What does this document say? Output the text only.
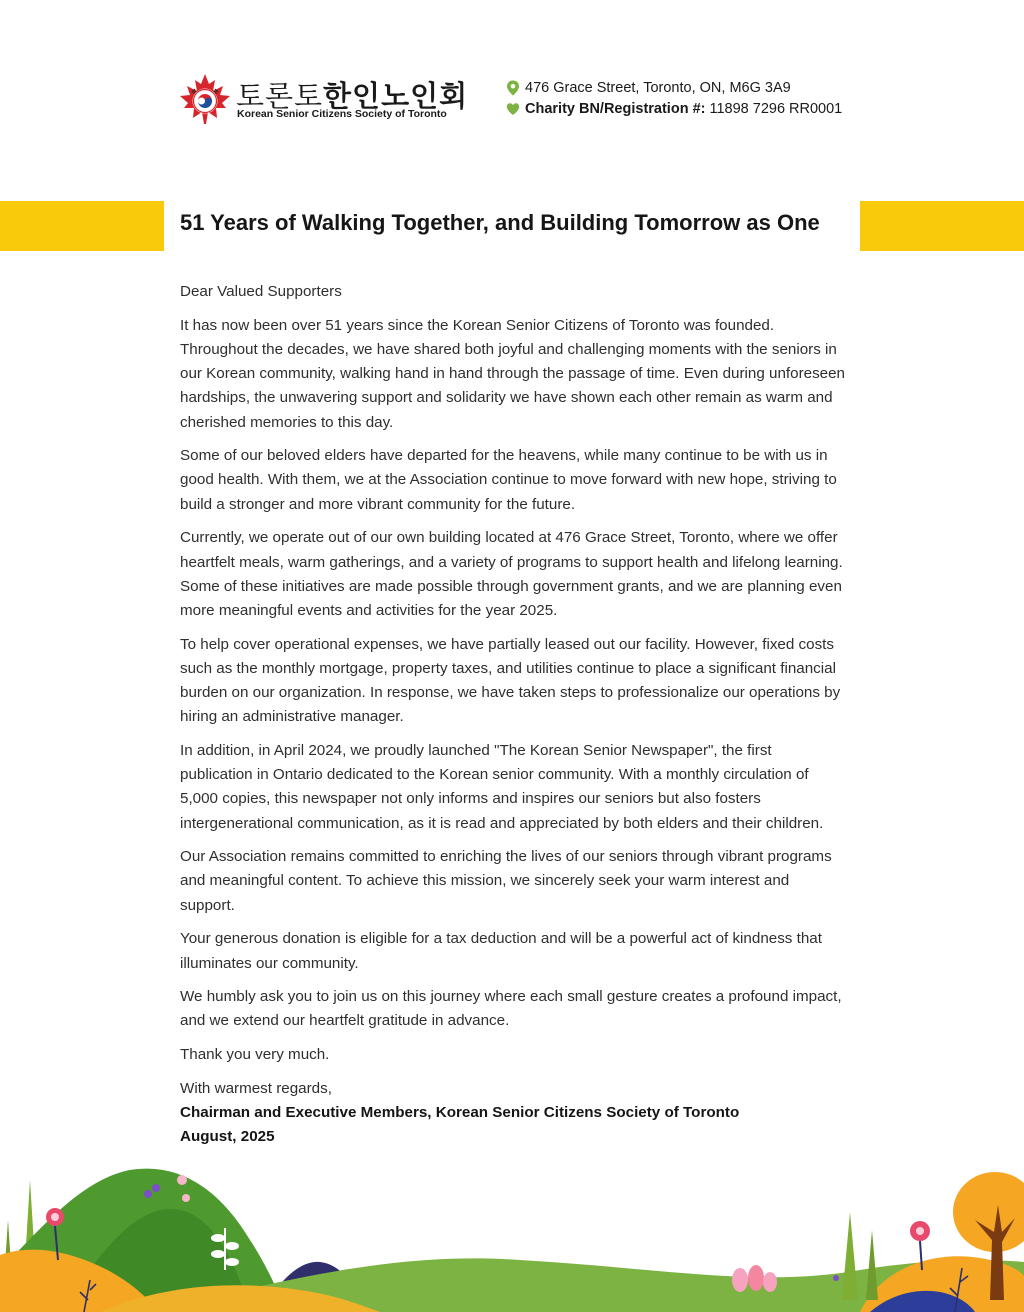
토론토한인노인회
Korean Senior Citizens Society of Toronto
476 Grace Street, Toronto, ON, M6G 3A9
Charity BN/Registration #: 11898 7296 RR0001
51 Years of Walking Together, and Building Tomorrow as One

Dear Valued Supporters

It has now been over 51 years since the Korean Senior Citizens of Toronto was founded. Throughout the decades, we have shared both joyful and challenging moments with the seniors in our Korean community, walking hand in hand through the passage of time. Even during unforeseen hardships, the unwavering support and solidarity we have shown each other remain as warm and cherished memories to this day.

Some of our beloved elders have departed for the heavens, while many continue to be with us in good health. With them, we at the Association continue to move forward with new hope, striving to build a stronger and more vibrant community for the future.

Currently, we operate out of our own building located at 476 Grace Street, Toronto, where we offer heartfelt meals, warm gatherings, and a variety of programs to support health and lifelong learning. Some of these initiatives are made possible through government grants, and we are planning even more meaningful events and activities for the year 2025.

To help cover operational expenses, we have partially leased out our facility. However, fixed costs such as the monthly mortgage, property taxes, and utilities continue to place a significant financial burden on our organization. In response, we have taken steps to professionalize our operations by hiring an administrative manager.

In addition, in April 2024, we proudly launched "The Korean Senior Newspaper", the first publication in Ontario dedicated to the Korean senior community. With a monthly circulation of 5,000 copies, this newspaper not only informs and inspires our seniors but also fosters intergenerational communication, as it is read and appreciated by both elders and their children.

Our Association remains committed to enriching the lives of our seniors through vibrant programs and meaningful content. To achieve this mission, we sincerely seek your warm interest and support.

Your generous donation is eligible for a tax deduction and will be a powerful act of kindness that illuminates our community.

We humbly ask you to join us on this journey where each small gesture creates a profound impact, and we extend our heartfelt gratitude in advance.

Thank you very much.

With warmest regards,

Chairman and Executive Members, Korean Senior Citizens Society of Toronto

August, 2025
